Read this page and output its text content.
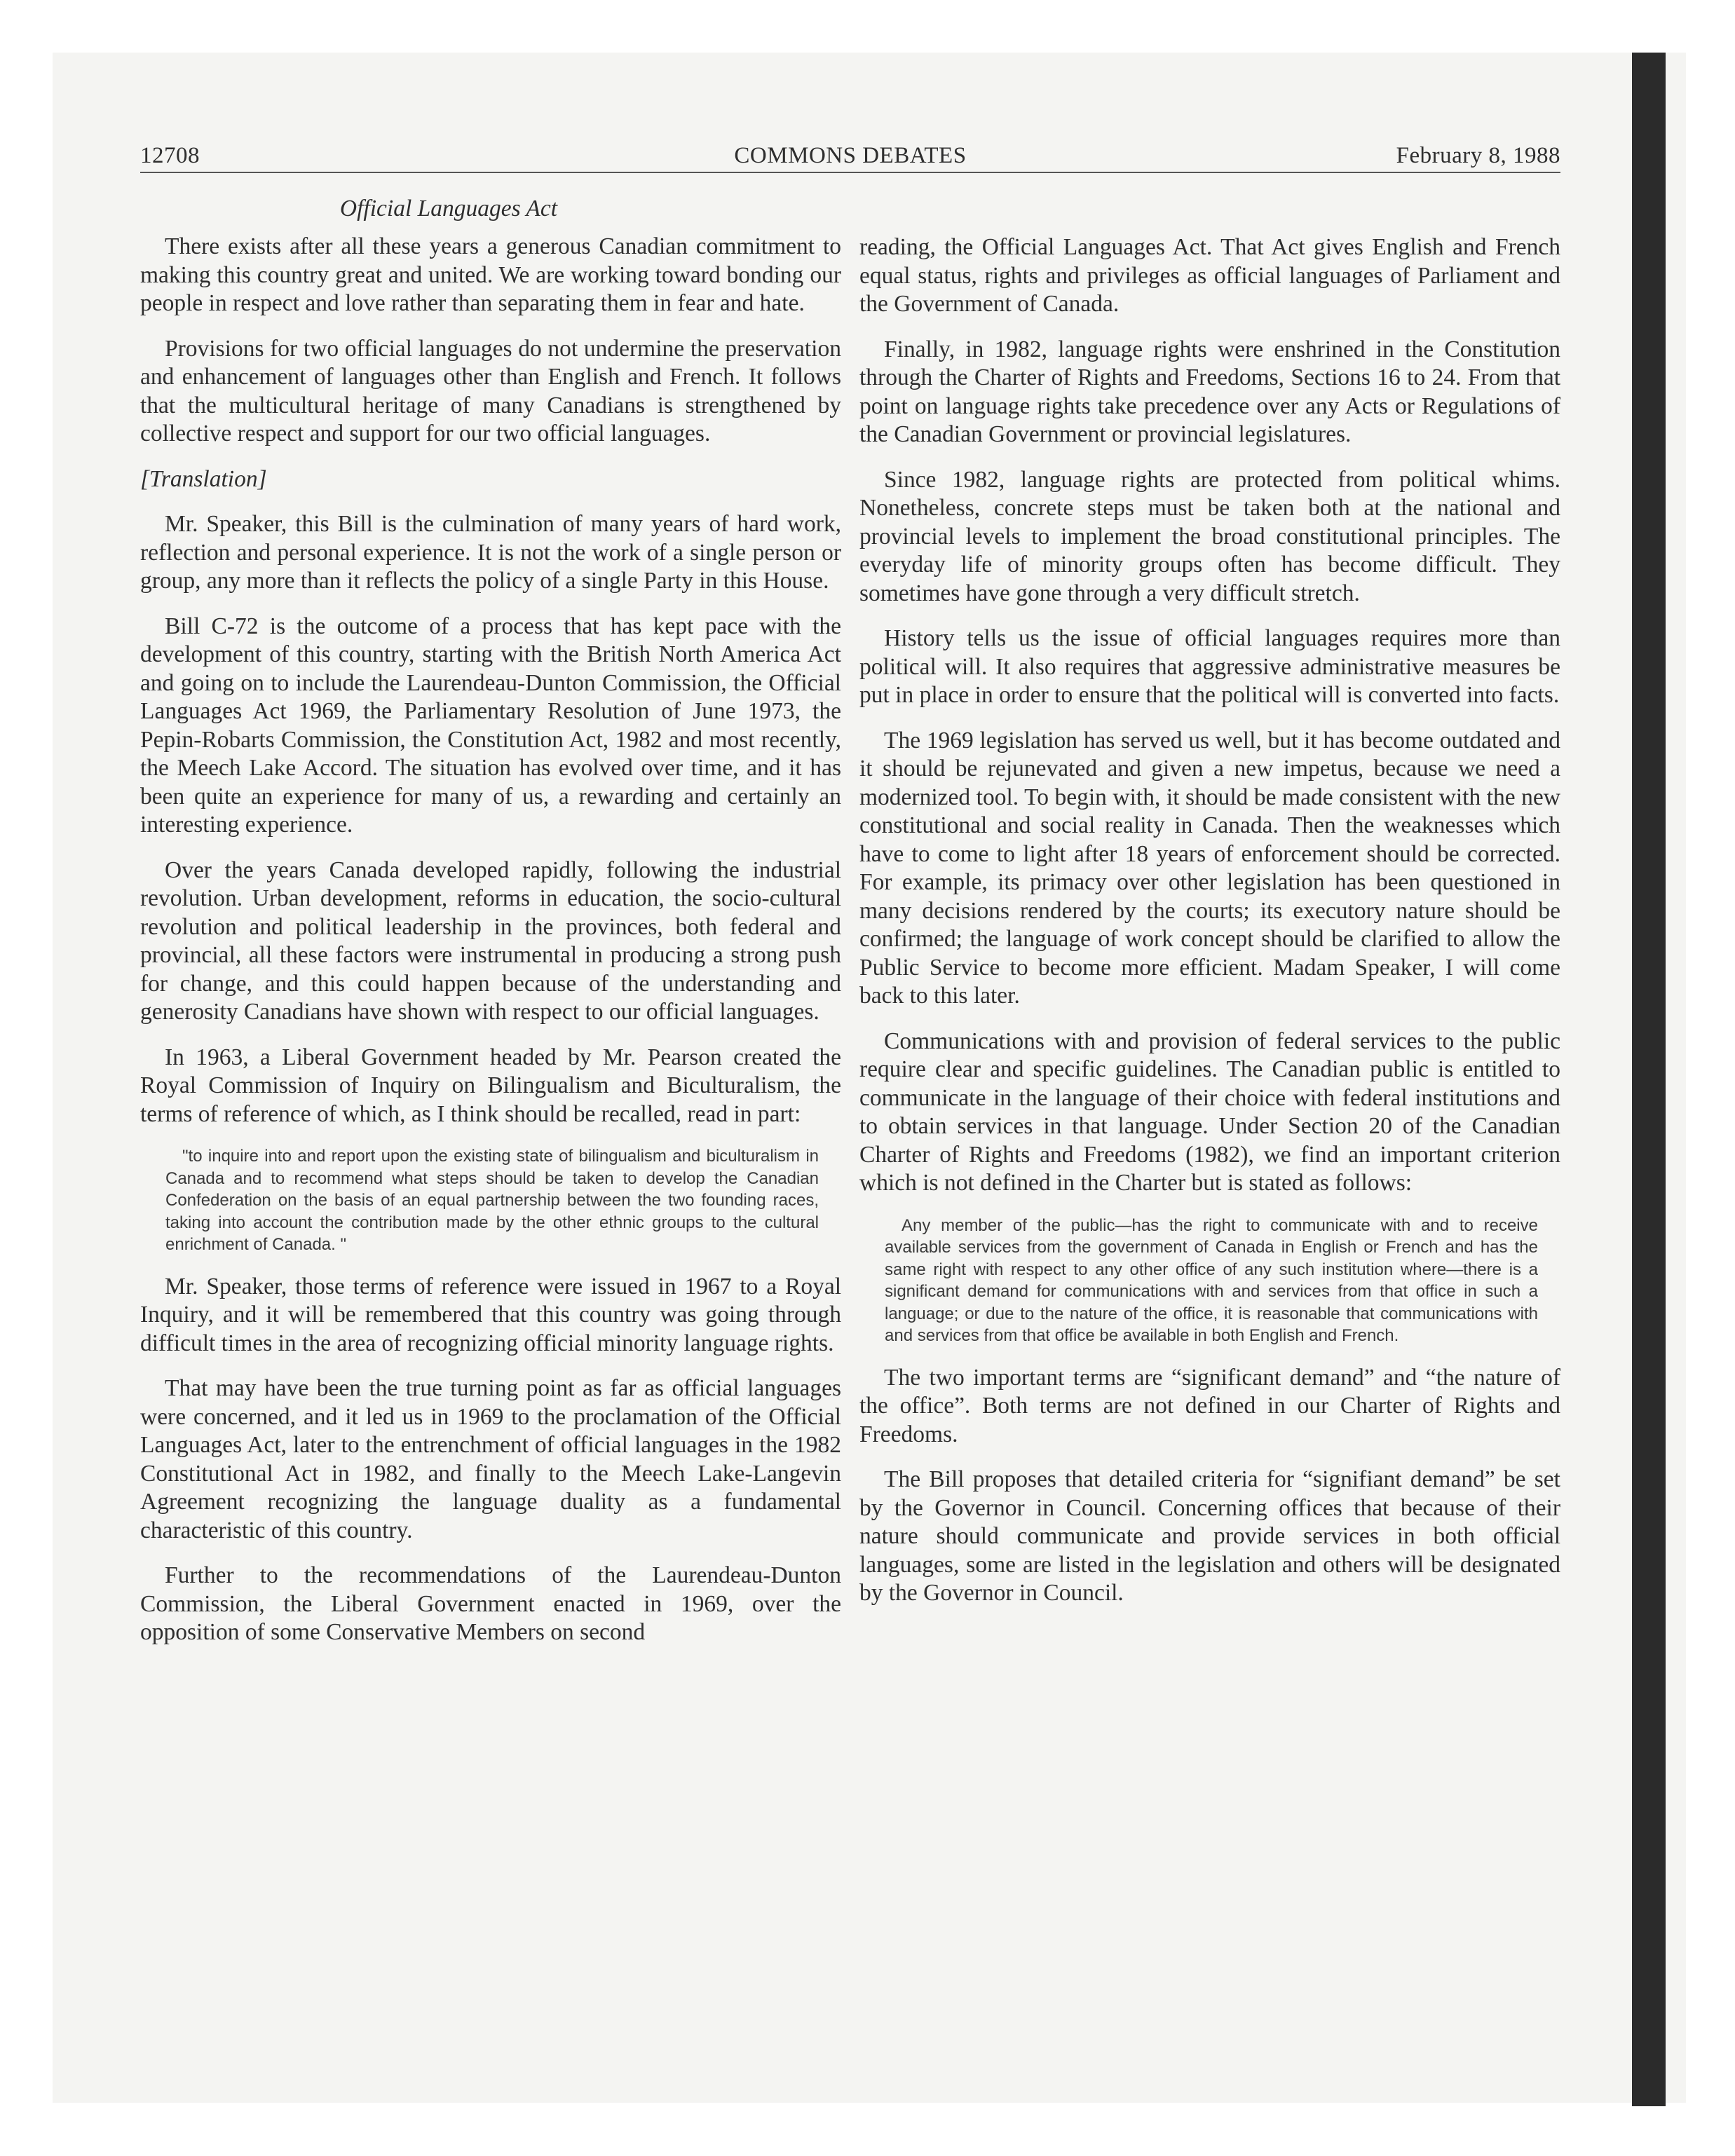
COMMONS DEBATES
12708	February 8, 1988
Official Languages Act

There exists after all these years a generous Canadian commitment to making this country great and united. We are working toward bonding our people in respect and love rather than separating them in fear and hate.

Provisions for two official languages do not undermine the preservation and enhancement of languages other than English and French. It follows that the multicultural heritage of many Canadians is strengthened by collective respect and support for our two official languages.

[Translation]

Mr. Speaker, this Bill is the culmination of many years of hard work, reflection and personal experience. It is not the work of a single person or group, any more than it reflects the policy of a single Party in this House.

Bill C-72 is the outcome of a process that has kept pace with the development of this country, starting with the British North America Act and going on to include the Laurendeau-Dunton Commission, the Official Languages Act 1969, the Parliamentary Resolution of June 1973, the Pepin-Robarts Commission, the Constitution Act, 1982 and most recently, the Meech Lake Accord. The situation has evolved over time, and it has been quite an experience for many of us, a rewarding and certainly an interesting experience.

Over the years Canada developed rapidly, following the industrial revolution. Urban development, reforms in education, the socio-cultural revolution and political leadership in the provinces, both federal and provincial, all these factors were instrumental in producing a strong push for change, and this could happen because of the understanding and generosity Canadians have shown with respect to our official languages.

In 1963, a Liberal Government headed by Mr. Pearson created the Royal Commission of Inquiry on Bilingualism and Biculturalism, the terms of reference of which, as I think should be recalled, read in part:

"to inquire into and report upon the existing state of bilingualism and biculturalism in Canada and to recommend what steps should be taken to develop the Canadian Confederation on the basis of an equal partnership between the two founding races, taking into account the contribution made by the other ethnic groups to the cultural enrichment of Canada. "

Mr. Speaker, those terms of reference were issued in 1967 to a Royal Inquiry, and it will be remembered that this country was going through difficult times in the area of recognizing official minority language rights.

That may have been the true turning point as far as official languages were concerned, and it led us in 1969 to the proclamation of the Official Languages Act, later to the entrenchment of official languages in the 1982 Constitutional Act in 1982, and finally to the Meech Lake-Langevin Agreement recognizing the language duality as a fundamental characteristic of this country.

Further to the recommendations of the Laurendeau-Dunton Commission, the Liberal Government enacted in 1969, over the opposition of some Conservative Members on second

reading, the Official Languages Act. That Act gives English and French equal status, rights and privileges as official languages of Parliament and the Government of Canada.

Finally, in 1982, language rights were enshrined in the Constitution through the Charter of Rights and Freedoms, Sections 16 to 24. From that point on language rights take precedence over any Acts or Regulations of the Canadian Government or provincial legislatures.

Since 1982, language rights are protected from political whims. Nonetheless, concrete steps must be taken both at the national and provincial levels to implement the broad constitutional principles. The everyday life of minority groups often has become difficult. They sometimes have gone through a very difficult stretch.

History tells us the issue of official languages requires more than political will. It also requires that aggressive administrative measures be put in place in order to ensure that the political will is converted into facts.

The 1969 legislation has served us well, but it has become outdated and it should be rejunevated and given a new impetus, because we need a modernized tool. To begin with, it should be made consistent with the new constitutional and social reality in Canada. Then the weaknesses which have to come to light after 18 years of enforcement should be corrected. For example, its primacy over other legislation has been questioned in many decisions rendered by the courts; its executory nature should be confirmed; the language of work concept should be clarified to allow the Public Service to become more efficient. Madam Speaker, I will come back to this later.

Communications with and provision of federal services to the public require clear and specific guidelines. The Canadian public is entitled to communicate in the language of their choice with federal institutions and to obtain services in that language. Under Section 20 of the Canadian Charter of Rights and Freedoms (1982), we find an important criterion which is not defined in the Charter but is stated as follows:

Any member of the public—has the right to communicate with and to receive available services from the government of Canada in English or French and has the same right with respect to any other office of any such institution where—there is a significant demand for communications with and services from that office in such a language; or due to the nature of the office, it is reasonable that communications with and services from that office be available in both English and French.

The two important terms are “significant demand” and “the nature of the office”. Both terms are not defined in our Charter of Rights and Freedoms.

The Bill proposes that detailed criteria for “signifiant demand” be set by the Governor in Council. Concerning offices that because of their nature should communicate and provide services in both official languages, some are listed in the legislation and others will be designated by the Governor in Council.
